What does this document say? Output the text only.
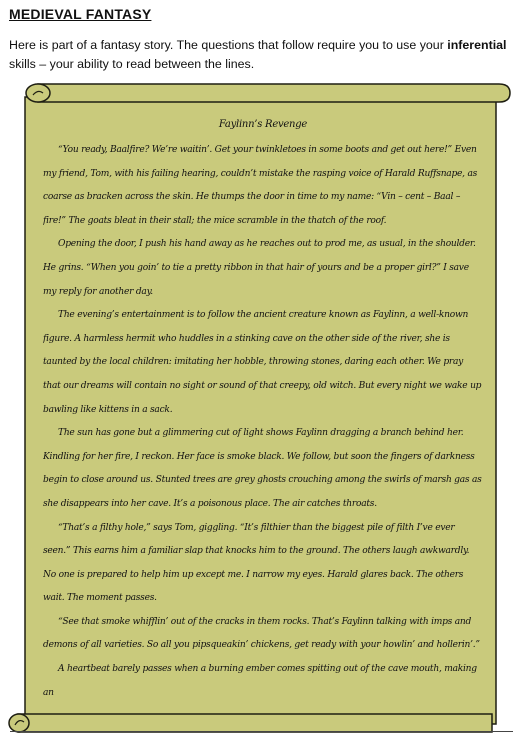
MEDIEVAL FANTASY
Here is part of a fantasy story. The questions that follow require you to use your inferential skills – your ability to read between the lines.
Faylinn’s Revenge

“You ready, Baalfire? We’re waitin’. Get your twinkletoes in some boots and get out here!” Even my friend, Tom, with his failing hearing, couldn’t mistake the rasping voice of Harald Ruffsnape, as coarse as bracken across the skin. He thumps the door in time to my name: “Vin – cent – Baal – fire!” The goats bleat in their stall; the mice scramble in the thatch of the roof.

Opening the door, I push his hand away as he reaches out to prod me, as usual, in the shoulder. He grins. “When you goin’ to tie a pretty ribbon in that hair of yours and be a proper girl?” I save my reply for another day.

The evening’s entertainment is to follow the ancient creature known as Faylinn, a well-known figure. A harmless hermit who huddles in a stinking cave on the other side of the river, she is taunted by the local children: imitating her hobble, throwing stones, daring each other. We pray that our dreams will contain no sight or sound of that creepy, old witch. But every night we wake up bawling like kittens in a sack.

The sun has gone but a glimmering cut of light shows Faylinn dragging a branch behind her. Kindling for her fire, I reckon. Her face is smoke black. We follow, but soon the fingers of darkness begin to close around us. Stunted trees are grey ghosts crouching among the swirls of marsh gas as she disappears into her cave. It’s a poisonous place. The air catches throats.

“That’s a filthy hole,” says Tom, giggling. “It’s filthier than the biggest pile of filth I’ve ever seen.” This earns him a familiar slap that knocks him to the ground. The others laugh awkwardly. No one is prepared to help him up except me. I narrow my eyes. Harald glares back. The others wait. The moment passes.

“See that smoke whifflin’ out of the cracks in them rocks. That’s Faylinn talking with imps and demons of all varieties. So all you pipsqueakin’ chickens, get ready with your howlin’ and hollerin’.”

A heartbeat barely passes when a burning ember comes spitting out of the cave mouth, making an
